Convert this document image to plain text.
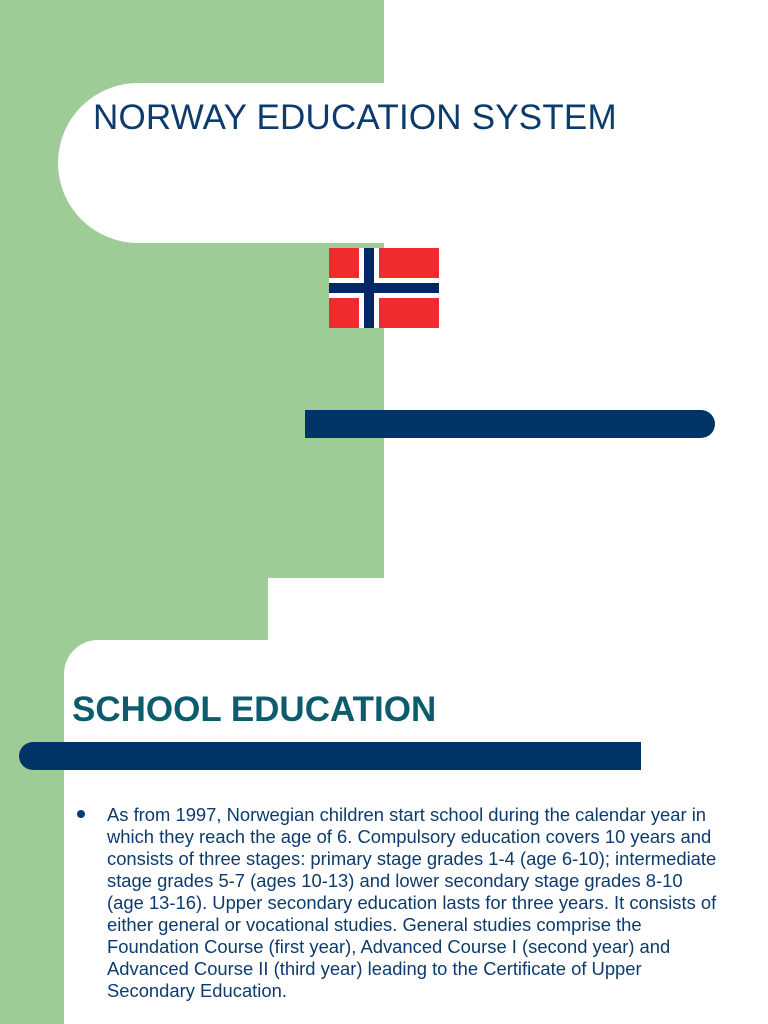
NORWAY EDUCATION SYSTEM
SCHOOL EDUCATION

As from 1997, Norwegian children start school during the calendar year in which they reach the age of 6. Compulsory education covers 10 years and consists of three stages: primary stage grades 1-4 (age 6-10); intermediate stage grades 5-7 (ages 10-13) and lower secondary stage grades 8-10 (age 13-16). Upper secondary education lasts for three years. It consists of either general or vocational studies. General studies comprise the Foundation Course (first year), Advanced Course I (second year) and Advanced Course II (third year) leading to the Certificate of Upper Secondary Education.
